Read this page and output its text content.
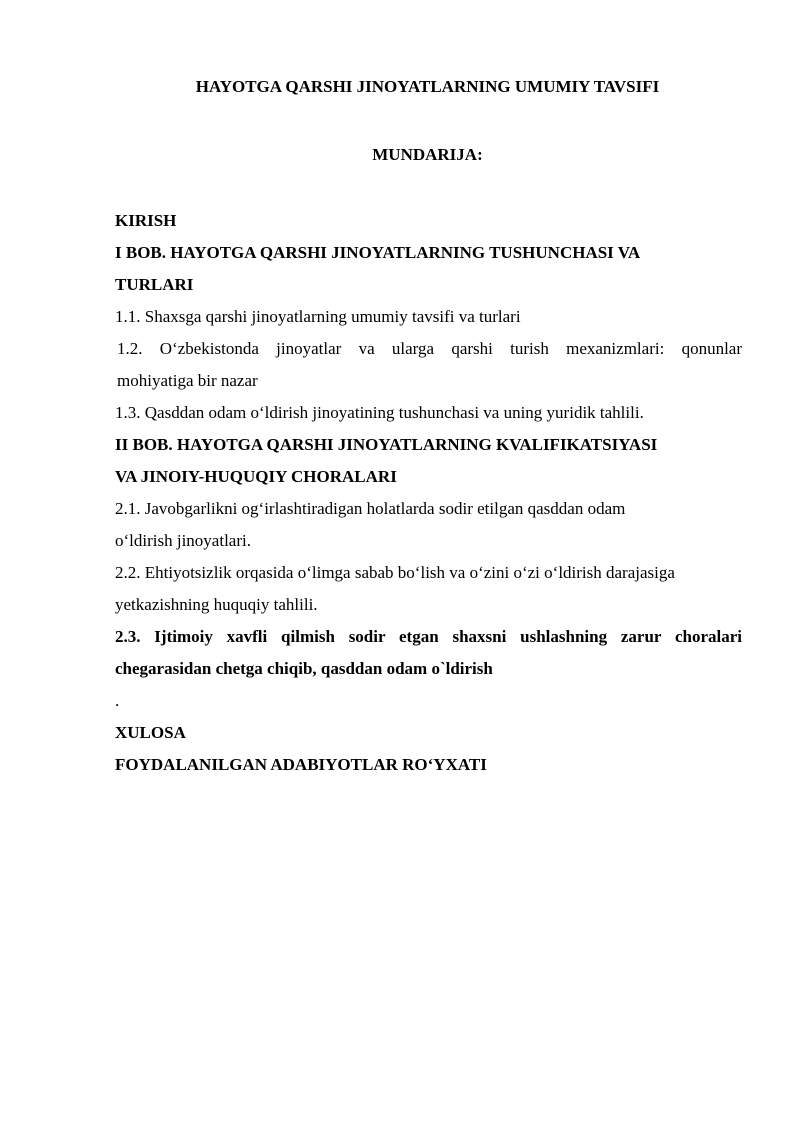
HAYOTGA QARSHI JINOYATLARNING UMUMIY TAVSIFI
MUNDARIJA:
KIRISH
I BOB. HAYOTGA QARSHI JINOYATLARNING TUSHUNCHASI VA
TURLARI
1.1. Shaxsga qarshi jinoyatlarning umumiy tavsifi va turlari
1.2. O‘zbekistonda jinoyatlar va ularga qarshi turish mexanizmlari: qonunlar
mohiyatiga bir nazar
1.3. Qasddan odam o‘ldirish jinoyatining tushunchasi va uning yuridik tahlili.
II BOB. HAYOTGA QARSHI JINOYATLARNING KVALIFIKATSIYASI
VA JINOIY-HUQUQIY CHORALARI
2.1. Javobgarlikni og‘irlashtiradigan holatlarda sodir etilgan qasddan odam
o‘ldirish jinoyatlari.
2.2. Ehtiyotsizlik orqasida o‘limga sabab bo‘lish va o‘zini o‘zi o‘ldirish darajasiga
yetkazishning huquqiy tahlili.
2.3. Ijtimoiy xavfli qilmish sodir etgan shaxsni ushlashning zarur choralari
chegarasidan chetga chiqib, qasddan odam o`ldirish
.
XULOSA
FOYDALANILGAN ADABIYOTLAR RO‘YXATI
